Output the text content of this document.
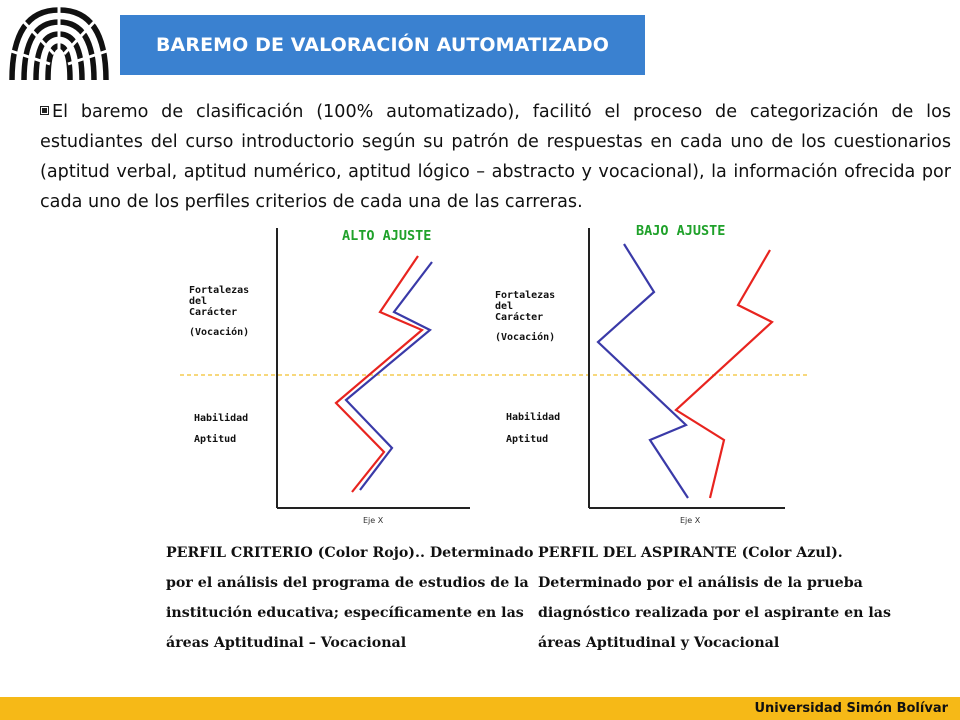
BAREMO DE VALORACIÓN AUTOMATIZADO
El baremo de clasificación (100% automatizado), facilitó el proceso de categorización de los estudiantes del curso introductorio según su patrón de respuestas en cada uno de los cuestionarios (aptitud verbal, aptitud numérico, aptitud lógico – abstracto y vocacional), la información ofrecida por cada uno de los perfiles criterios de cada una de las carreras.
ALTO AJUSTE
Fortalezas
del
Carácter
(Vocación)
Habilidad
Aptitud
Eje X
BAJO AJUSTE
Fortalezas
del
Carácter
(Vocación)
Habilidad
Aptitud
Eje X
PERFIL CRITERIO (Color Rojo).. Determinado por el análisis del programa de estudios de la institución educativa; específicamente en las áreas Aptitudinal – Vocacional
PERFIL DEL ASPIRANTE (Color Azul). Determinado por el análisis de la prueba diagnóstico realizada por el aspirante en las áreas Aptitudinal y Vocacional
Universidad Simón Bolívar
